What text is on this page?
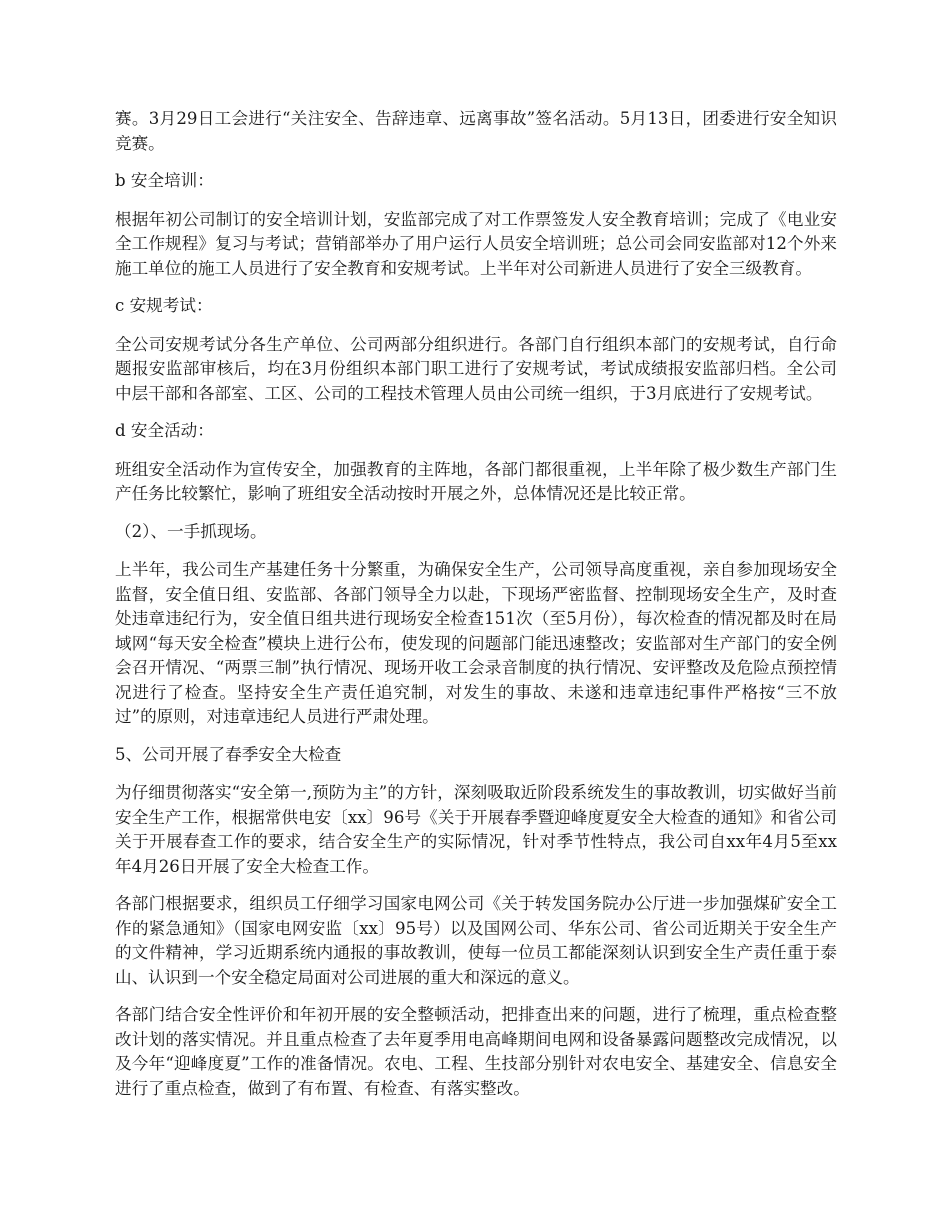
赛。3月29日工会进行“关注安全、告辞违章、远离事故”签名活动。5月13日，团委进行安全知识竞赛。

b 安全培训：

根据年初公司制订的安全培训计划，安监部完成了对工作票签发人安全教育培训；完成了《电业安全工作规程》复习与考试；营销部举办了用户运行人员安全培训班；总公司会同安监部对12个外来施工单位的施工人员进行了安全教育和安规考试。上半年对公司新进人员进行了安全三级教育。

c 安规考试：

全公司安规考试分各生产单位、公司两部分组织进行。各部门自行组织本部门的安规考试，自行命题报安监部审核后，均在3月份组织本部门职工进行了安规考试，考试成绩报安监部归档。全公司中层干部和各部室、工区、公司的工程技术管理人员由公司统一组织，于3月底进行了安规考试。

d 安全活动：

班组安全活动作为宣传安全，加强教育的主阵地，各部门都很重视，上半年除了极少数生产部门生产任务比较繁忙，影响了班组安全活动按时开展之外，总体情况还是比较正常。

（2）、一手抓现场。

上半年，我公司生产基建任务十分繁重，为确保安全生产，公司领导高度重视，亲自参加现场安全监督，安全值日组、安监部、各部门领导全力以赴，下现场严密监督、控制现场安全生产，及时查处违章违纪行为，安全值日组共进行现场安全检查151次（至5月份），每次检查的情况都及时在局域网“每天安全检查”模块上进行公布，使发现的问题部门能迅速整改；安监部对生产部门的安全例会召开情况、“两票三制”执行情况、现场开收工会录音制度的执行情况、安评整改及危险点预控情况进行了检查。坚持安全生产责任追究制，对发生的事故、未遂和违章违纪事件严格按“三不放过”的原则，对违章违纪人员进行严肃处理。

5、公司开展了春季安全大检查

为仔细贯彻落实“安全第一,预防为主”的方针，深刻吸取近阶段系统发生的事故教训，切实做好当前安全生产工作，根据常供电安〔xx〕96号《关于开展春季暨迎峰度夏安全大检查的通知》和省公司关于开展春查工作的要求，结合安全生产的实际情况，针对季节性特点，我公司自xx年4月5至xx年4月26日开展了安全大检查工作。

各部门根据要求，组织员工仔细学习国家电网公司《关于转发国务院办公厅进一步加强煤矿安全工作的紧急通知》（国家电网安监〔xx〕95号）以及国网公司、华东公司、省公司近期关于安全生产的文件精神，学习近期系统内通报的事故教训，使每一位员工都能深刻认识到安全生产责任重于泰山、认识到一个安全稳定局面对公司进展的重大和深远的意义。

各部门结合安全性评价和年初开展的安全整顿活动，把排查出来的问题，进行了梳理，重点检查整改计划的落实情况。并且重点检查了去年夏季用电高峰期间电网和设备暴露问题整改完成情况，以及今年“迎峰度夏”工作的准备情况。农电、工程、生技部分别针对农电安全、基建安全、信息安全进行了重点检查，做到了有布置、有检查、有落实整改。
